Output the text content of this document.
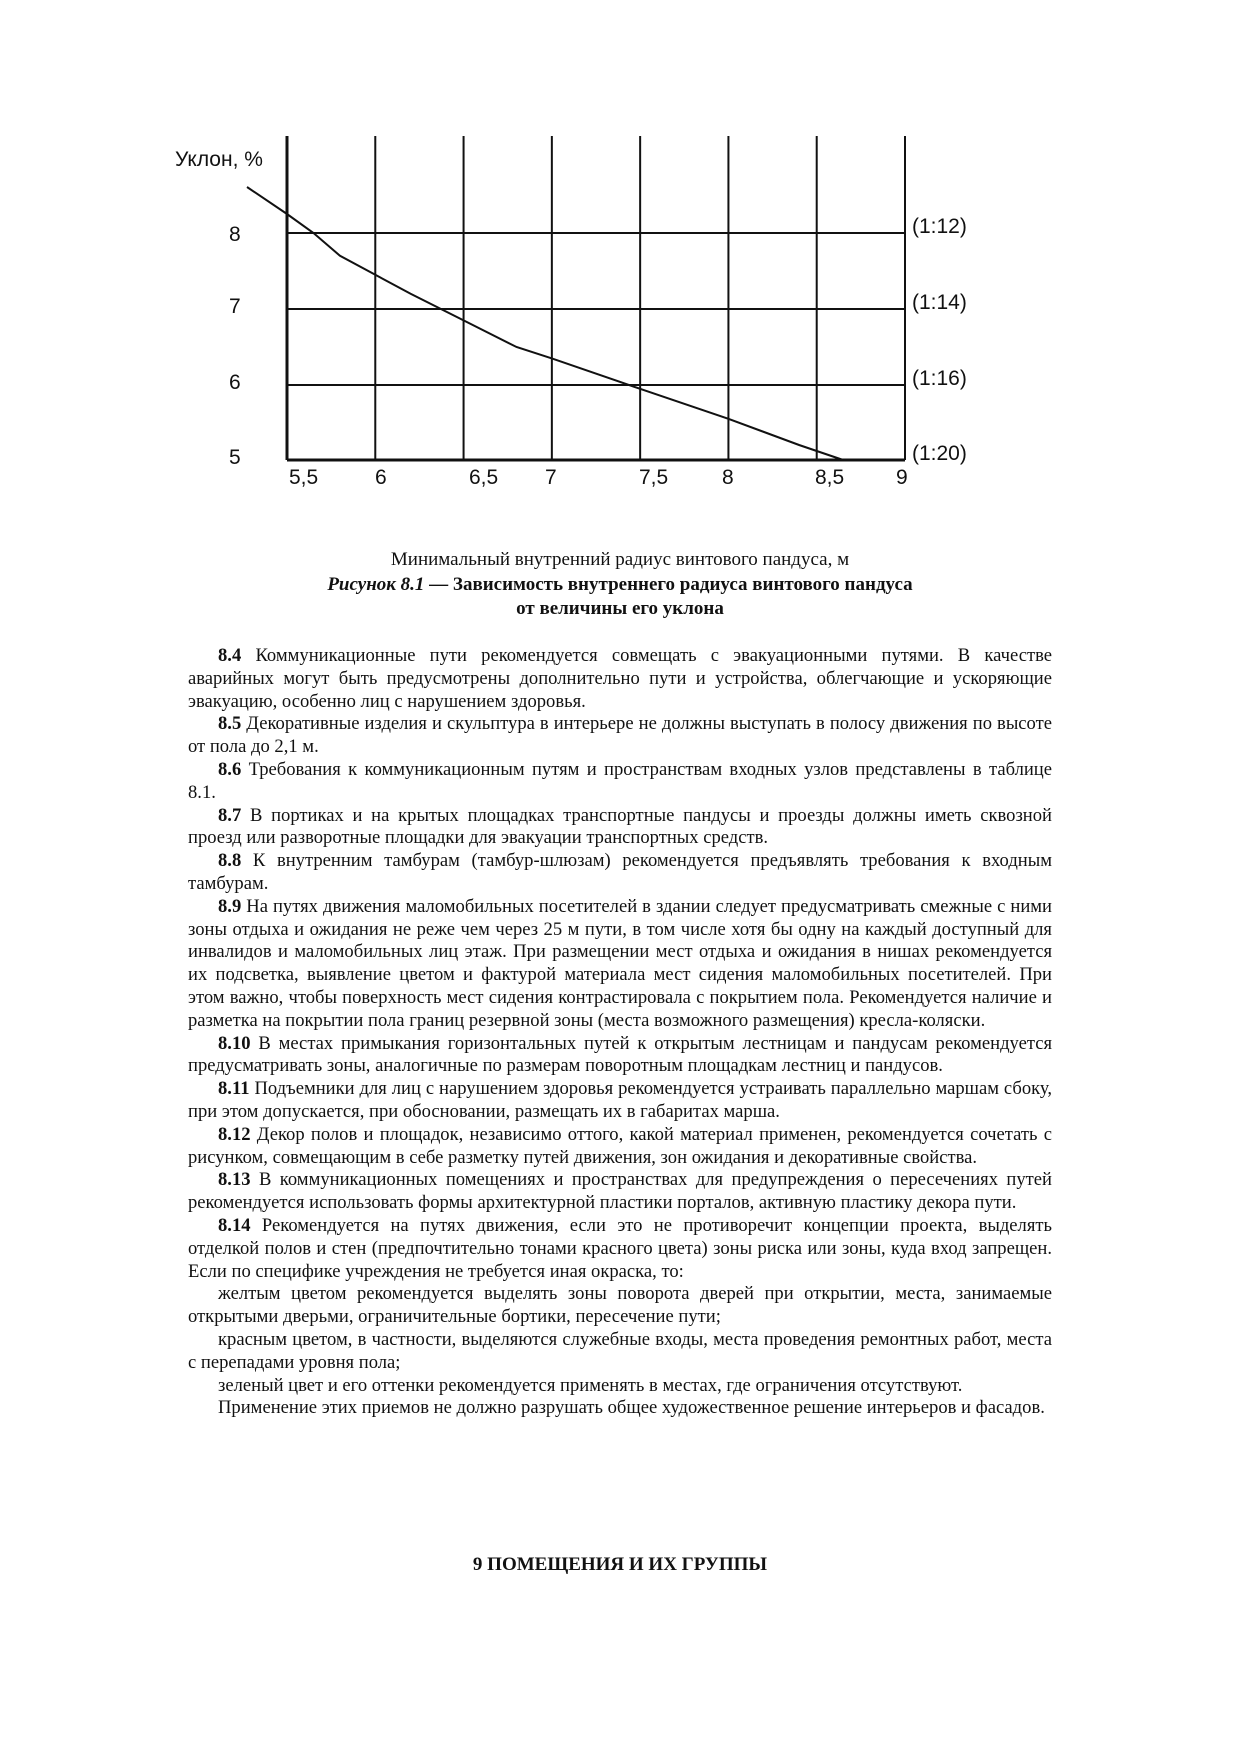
Уклон, %
5
6
7
8
5,5	6	6,5 7	7,5	8	8,5 9
(1:12)
(1:14)
(1:16)
(1:20)
Минимальный внутренний радиус винтового пандуса, м
Рисунок 8.1 — Зависимость внутреннего радиуса винтового пандуса
от величины его уклона

8.4 Коммуникационные пути рекомендуется совмещать с эвакуационными путями. В качестве аварийных могут быть предусмотрены дополнительно пути и устройства, облегчающие и ускоряющие эвакуацию, особенно лиц с нарушением здоровья.

8.5 Декоративные изделия и скульптура в интерьере не должны выступать в полосу движения по высоте от пола до 2,1 м.

8.6 Требования к коммуникационным путям и пространствам входных узлов представлены в таблице 8.1.

8.7 В портиках и на крытых площадках транспортные пандусы и проезды должны иметь сквозной проезд или разворотные площадки для эвакуации транспортных средств.

8.8 К внутренним тамбурам (тамбур-шлюзам) рекомендуется предъявлять требования к входным тамбурам.

8.9 На путях движения маломобильных посетителей в здании следует предусматривать смежные с ними зоны отдыха и ожидания не реже чем через 25 м пути, в том числе хотя бы одну на каждый доступный для инвалидов и маломобильных лиц этаж. При размещении мест отдыха и ожидания в нишах рекомендуется их подсветка, выявление цветом и фактурой материала мест сидения маломобильных посетителей. При этом важно, чтобы поверхность мест сидения контрастировала с покрытием пола. Рекомендуется наличие и разметка на покрытии пола границ резервной зоны (места возможного размещения) кресла-коляски.

8.10 В местах примыкания горизонтальных путей к открытым лестницам и пандусам рекомендуется предусматривать зоны, аналогичные по размерам поворотным площадкам лестниц и пандусов.

8.11 Подъемники для лиц с нарушением здоровья рекомендуется устраивать параллельно маршам сбоку, при этом допускается, при обосновании, размещать их в габаритах марша.

8.12 Декор полов и площадок, независимо оттого, какой материал применен, рекомендуется сочетать с рисунком, совмещающим в себе разметку путей движения, зон ожидания и декоративные свойства.

8.13 В коммуникационных помещениях и пространствах для предупреждения о пересечениях путей рекомендуется использовать формы архитектурной пластики порталов, активную пластику декора пути.

8.14 Рекомендуется на путях движения, если это не противоречит концепции проекта, выделять отделкой полов и стен (предпочтительно тонами красного цвета) зоны риска или зоны, куда вход запрещен. Если по специфике учреждения не требуется иная окраска, то:

желтым цветом рекомендуется выделять зоны поворота дверей при открытии, места, занимаемые открытыми дверьми, ограничительные бортики, пересечение пути;

красным цветом, в частности, выделяются служебные входы, места проведения ремонтных работ, места с перепадами уровня пола;

зеленый цвет и его оттенки рекомендуется применять в местах, где ограничения отсутствуют.

Применение этих приемов не должно разрушать общее художественное решение интерьеров и фасадов.

9 ПОМЕЩЕНИЯ И ИХ ГРУППЫ
